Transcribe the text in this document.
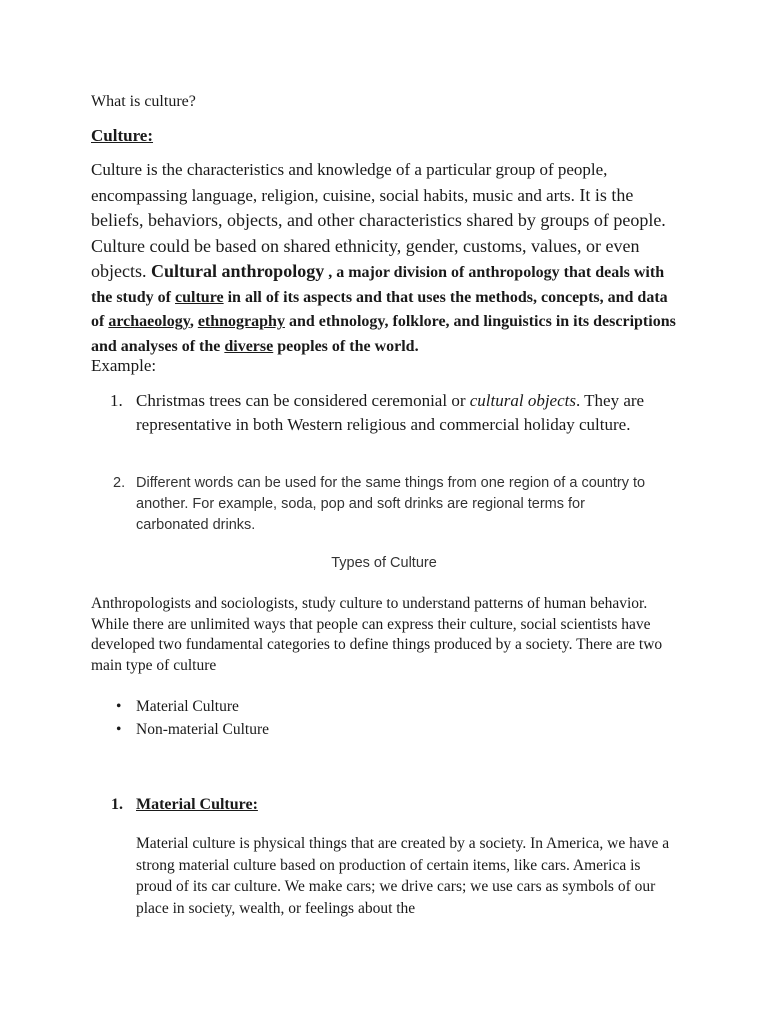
What is culture?
Culture:
Culture is the characteristics and knowledge of a particular group of people, encompassing language, religion, cuisine, social habits, music and arts. It is the beliefs, behaviors, objects, and other characteristics shared by groups of people. Culture could be based on shared ethnicity, gender, customs, values, or even objects. Cultural anthropology , a major division of anthropology that deals with the study of culture in all of its aspects and that uses the methods, concepts, and data of archaeology, ethnography and ethnology, folklore, and linguistics in its descriptions and analyses of the diverse peoples of the world.
Example:
1. Christmas trees can be considered ceremonial or cultural objects. They are representative in both Western religious and commercial holiday culture.
2. Different words can be used for the same things from one region of a country to another. For example, soda, pop and soft drinks are regional terms for carbonated drinks.
Types of Culture
Anthropologists and sociologists, study culture to understand patterns of human behavior. While there are unlimited ways that people can express their culture, social scientists have developed two fundamental categories to define things produced by a society. There are two main type of culture
• Material Culture
• Non-material Culture
1. Material Culture:
Material culture is physical things that are created by a society. In America, we have a strong material culture based on production of certain items, like cars. America is proud of its car culture. We make cars; we drive cars; we use cars as symbols of our place in society, wealth, or feelings about the
